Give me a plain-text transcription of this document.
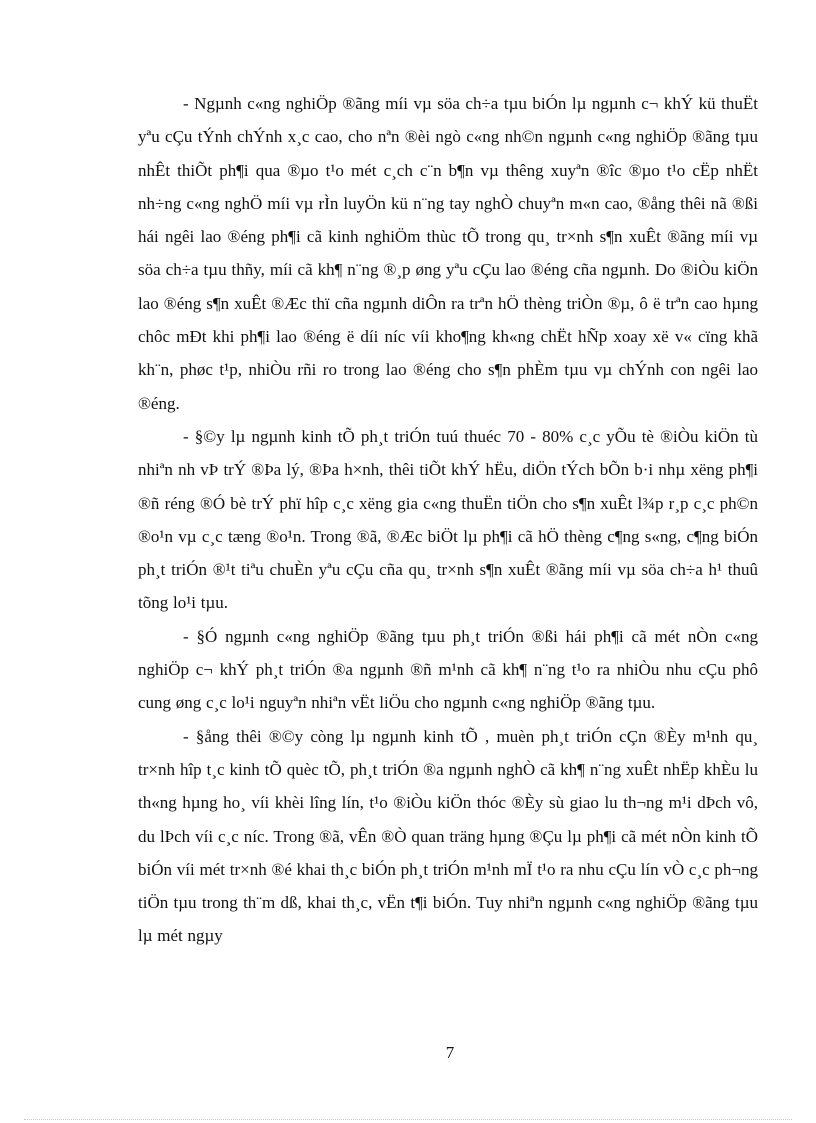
- Ngµnh c«ng nghiÖp ®ãng míi vµ söa ch÷a tµu biÓn lµ ngµnh c¬ khÝ kü thuËt yªu cÇu tÝnh chÝnh x¸c cao, cho nªn ®èi ngò c«ng nh©n ngµnh c«ng nghiÖp ®ãng tµu nhÊt thiÕt ph¶i qua ®µo t¹o mét c¸ch c¨n b¶n vµ thêng xuyªn ®îc ®µo t¹o cËp nhËt nh÷ng c«ng nghÖ míi vµ rÌn luyÖn kü n¨ng tay nghÒ chuyªn m«n cao, ®ång thêi nã ®ßi hái ngêi lao ®éng ph¶i cã kinh nghiÖm thùc tÕ trong qu¸ tr×nh s¶n xuÊt ®ãng míi vµ söa ch÷a tµu thñy, míi cã kh¶ n¨ng ®¸p øng yªu cÇu lao ®éng cña ngµnh. Do ®iÒu kiÖn lao ®éng s¶n xuÊt ®Æc thï cña ngµnh diÔn ra trªn hÖ thèng triÒn ®µ, ô ë trªn cao hµng chôc mÐt khi ph¶i lao ®éng ë díi níc víi kho¶ng kh«ng chËt hÑp xoay xë v« cïng khã kh¨n, phøc t¹p, nhiÒu rñi ro trong lao ®éng cho s¶n phÈm tµu vµ chÝnh con ngêi lao ®éng.

- §©y lµ ngµnh kinh tÕ ph¸t triÓn tuú thuéc 70 - 80% c¸c yÕu tè ®iÒu kiÖn tù nhiªn nh vÞ trÝ ®Þa lý, ®Þa h×nh, thêi tiÕt khÝ hËu, diÖn tÝch bÕn b·i nhµ xëng ph¶i ®ñ réng ®Ó bè trÝ phï hîp c¸c xëng gia c«ng thuËn tiÖn cho s¶n xuÊt l¾p r¸p c¸c ph©n ®o¹n vµ c¸c tæng ®o¹n. Trong ®ã, ®Æc biÖt lµ ph¶i cã hÖ thèng c¶ng s«ng, c¶ng biÓn ph¸t triÓn ®¹t tiªu chuÈn yªu cÇu cña qu¸ tr×nh s¶n xuÊt ®ãng míi vµ söa ch÷a h¹ thuû tõng lo¹i tµu.

- §Ó ngµnh c«ng nghiÖp ®ãng tµu ph¸t triÓn ®ßi hái ph¶i cã mét nÒn c«ng nghiÖp c¬ khÝ ph¸t triÓn ®a ngµnh ®ñ m¹nh cã kh¶ n¨ng t¹o ra nhiÒu nhu cÇu phô cung øng c¸c lo¹i nguyªn nhiªn vËt liÖu cho ngµnh c«ng nghiÖp ®ãng tµu.

- §ång thêi ®©y còng lµ ngµnh kinh tÕ , muèn ph¸t triÓn cÇn ®Èy m¹nh qu¸ tr×nh hîp t¸c kinh tÕ quèc tÕ, ph¸t triÓn ®a ngµnh nghÒ cã kh¶ n¨ng xuÊt nhËp khÈu lu th«ng hµng ho¸ víi khèi lîng lín, t¹o ®iÒu kiÖn thóc ®Èy sù giao lu th¬ng m¹i dÞch vô, du lÞch víi c¸c níc. Trong ®ã, vÊn ®Ò quan träng hµng ®Çu lµ ph¶i cã mét nÒn kinh tÕ biÓn víi mét tr×nh ®é khai th¸c biÓn ph¸t triÓn m¹nh mÏ t¹o ra nhu cÇu lín vÒ c¸c ph¬ng tiÖn tµu trong th¨m dß, khai th¸c, vËn t¶i biÓn. Tuy nhiªn ngµnh c«ng nghiÖp ®ãng tµu lµ mét ngµy

7
